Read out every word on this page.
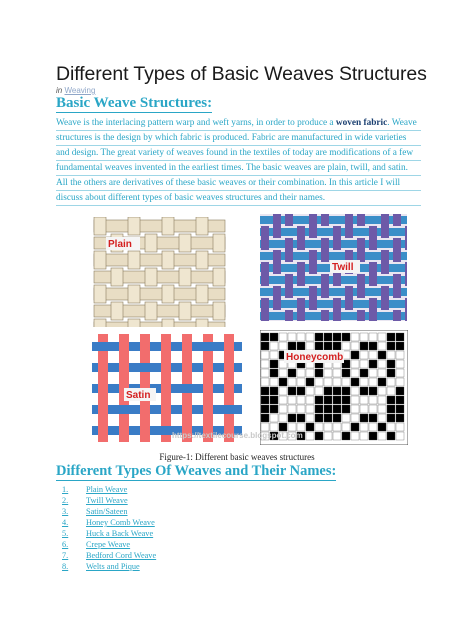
Different Types of Basic Weaves Structures
in Weaving
Basic Weave Structures:
Weave is the interlacing pattern warp and weft yarns, in order to produce a woven fabric. Weave
structures is the design by which fabric is produced. Fabric are manufactured in wide varieties
and design. The great variety of weaves found in the textiles of today are modifications of a few
fundamental weaves invented in the earliest times. The basic weaves are plain, twill, and satin.
All the others are derivatives of these basic weaves or their combination. In this article I will
discuss about different types of basic weaves structures and their names.
Plain
Twill
Satin
Honeycomb
https://textilecourse.blogspot.com
Figure-1: Different basic weaves structures
Different Types Of Weaves and Their Names:
1. Plain Weave
2. Twill Weave
3. Satin/Sateen
4. Honey Comb Weave
5. Huck a Back Weave
6. Crepe Weave
7. Bedford Cord Weave
8. Welts and Pique
